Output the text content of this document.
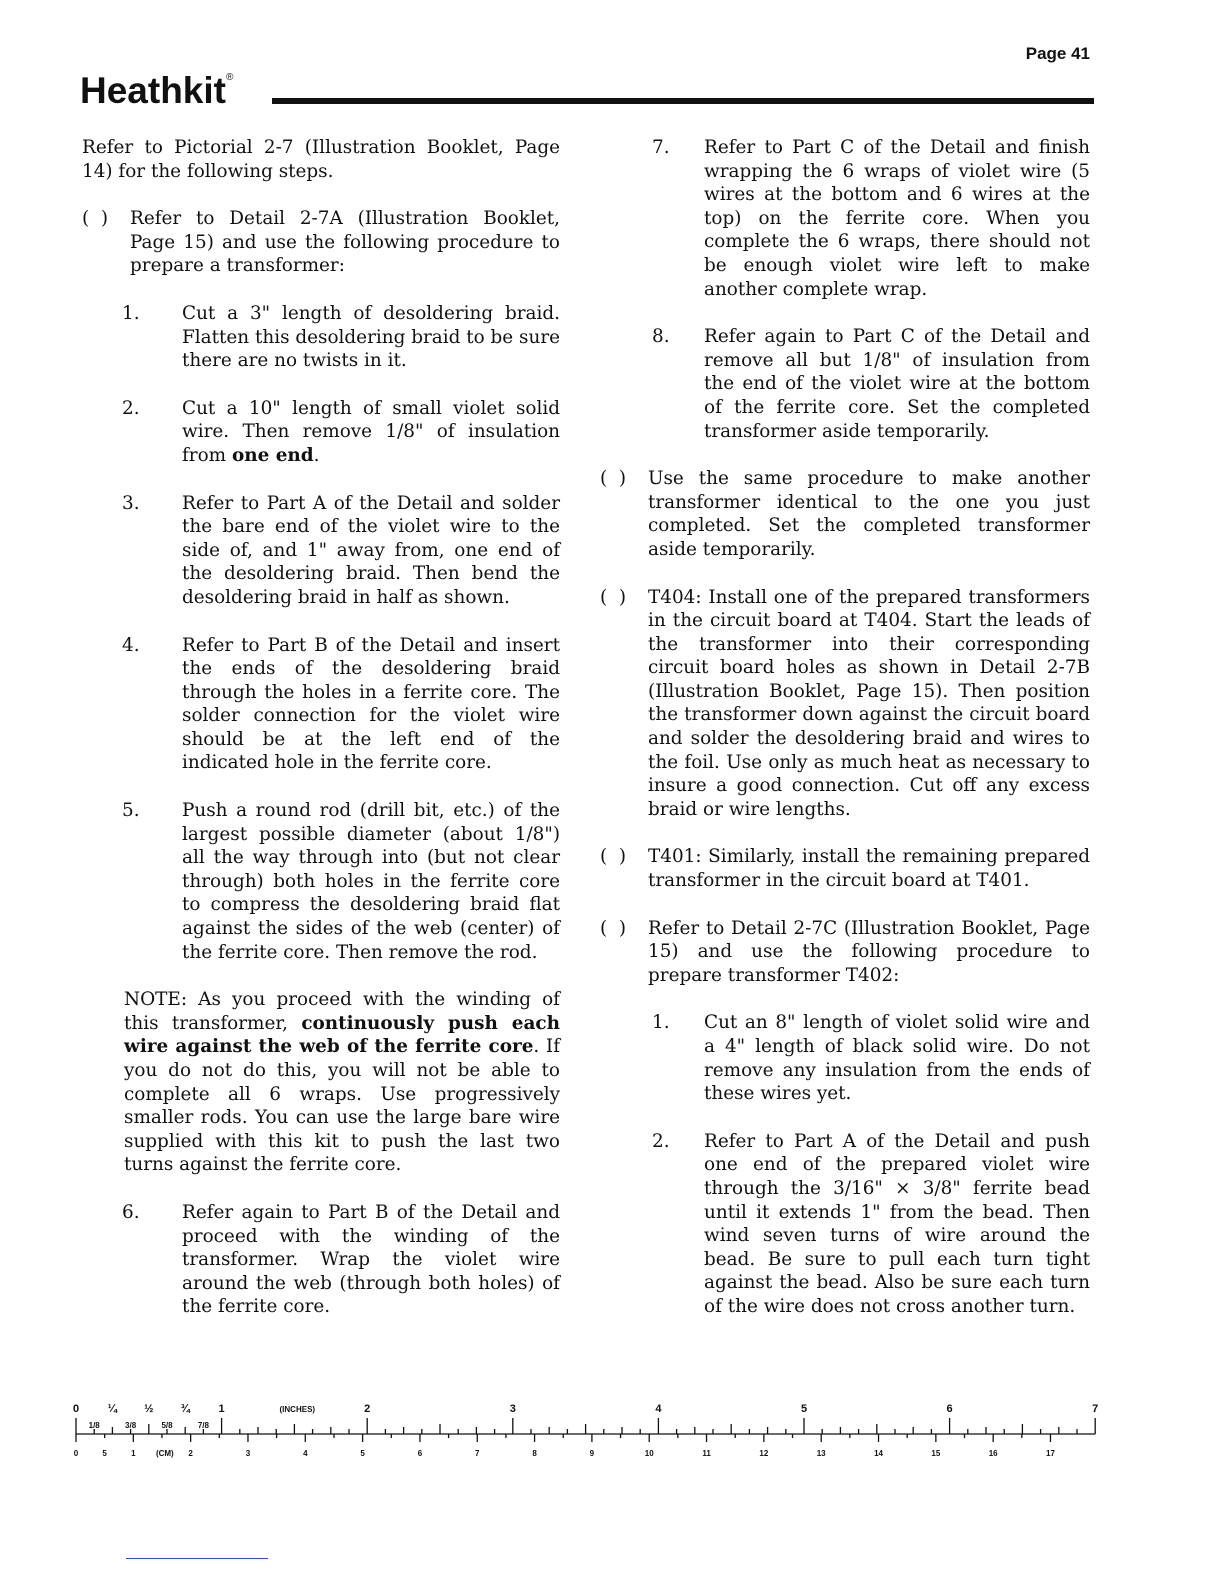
Page 41
Heathkit®

Refer to Pictorial 2-7 (Illustration Booklet, Page 14) for the following steps.

(  )	Refer to Detail 2-7A (Illustration Booklet, Page 15) and use the following procedure to prepare a transformer:

1.	Cut a 3" length of desoldering braid. Flatten this desoldering braid to be sure there are no twists in it.

2.	Cut a 10" length of small violet solid wire. Then remove 1/8" of insulation from one end.

3.	Refer to Part A of the Detail and solder the bare end of the violet wire to the side of, and 1" away from, one end of the desoldering braid. Then bend the desoldering braid in half as shown.

4.	Refer to Part B of the Detail and insert the ends of the desoldering braid through the holes in a ferrite core. The solder connection for the violet wire should be at the left end of the indicated hole in the ferrite core.

5.	Push a round rod (drill bit, etc.) of the largest possible diameter (about 1/8") all the way through into (but not clear through) both holes in the ferrite core to compress the desoldering braid flat against the sides of the web (center) of the ferrite core. Then remove the rod.

NOTE: As you proceed with the winding of this transformer, continuously push each wire against the web of the ferrite core. If you do not do this, you will not be able to complete all 6 wraps. Use progressively smaller rods. You can use the large bare wire supplied with this kit to push the last two turns against the ferrite core.

6.	Refer again to Part B of the Detail and proceed with the winding of the transformer. Wrap the violet wire around the web (through both holes) of the ferrite core.

7.	Refer to Part C of the Detail and finish wrapping the 6 wraps of violet wire (5 wires at the bottom and 6 wires at the top) on the ferrite core. When you complete the 6 wraps, there should not be enough violet wire left to make another complete wrap.

8.	Refer again to Part C of the Detail and remove all but 1/8" of insulation from the end of the violet wire at the bottom of the ferrite core. Set the completed transformer aside temporarily.

(  )	Use the same procedure to make another transformer identical to the one you just completed. Set the completed transformer aside temporarily.

(  )	T404: Install one of the prepared transformers in the circuit board at T404. Start the leads of the transformer into their corresponding circuit board holes as shown in Detail 2-7B (Illustration Booklet, Page 15). Then position the transformer down against the circuit board and solder the desoldering braid and wires to the foil. Use only as much heat as necessary to insure a good connection. Cut off any excess braid or wire lengths.

(  )	T401: Similarly, install the remaining prepared transformer in the circuit board at T401.

(  )	Refer to Detail 2-7C (Illustration Booklet, Page 15) and use the following procedure to prepare transformer T402:

1.	Cut an 8" length of violet solid wire and a 4" length of black solid wire. Do not remove any insulation from the ends of these wires yet.

2.	Refer to Part A of the Detail and push one end of the prepared violet wire through the 3/16" × 3/8" ferrite bead until it extends 1" from the bead. Then wind seven turns of wire around the bead. Be sure to pull each turn tight against the bead. Also be sure each turn of the wire does not cross another turn.

0	¼ ½ ¾	1	2	3	4	5	6	7
(INCHES)
1/8	3/8	5/8	7/8
0	5	1	2	3	4	5	6	7	8	9	10	11	12	13	14	15	16	17
(CM)
